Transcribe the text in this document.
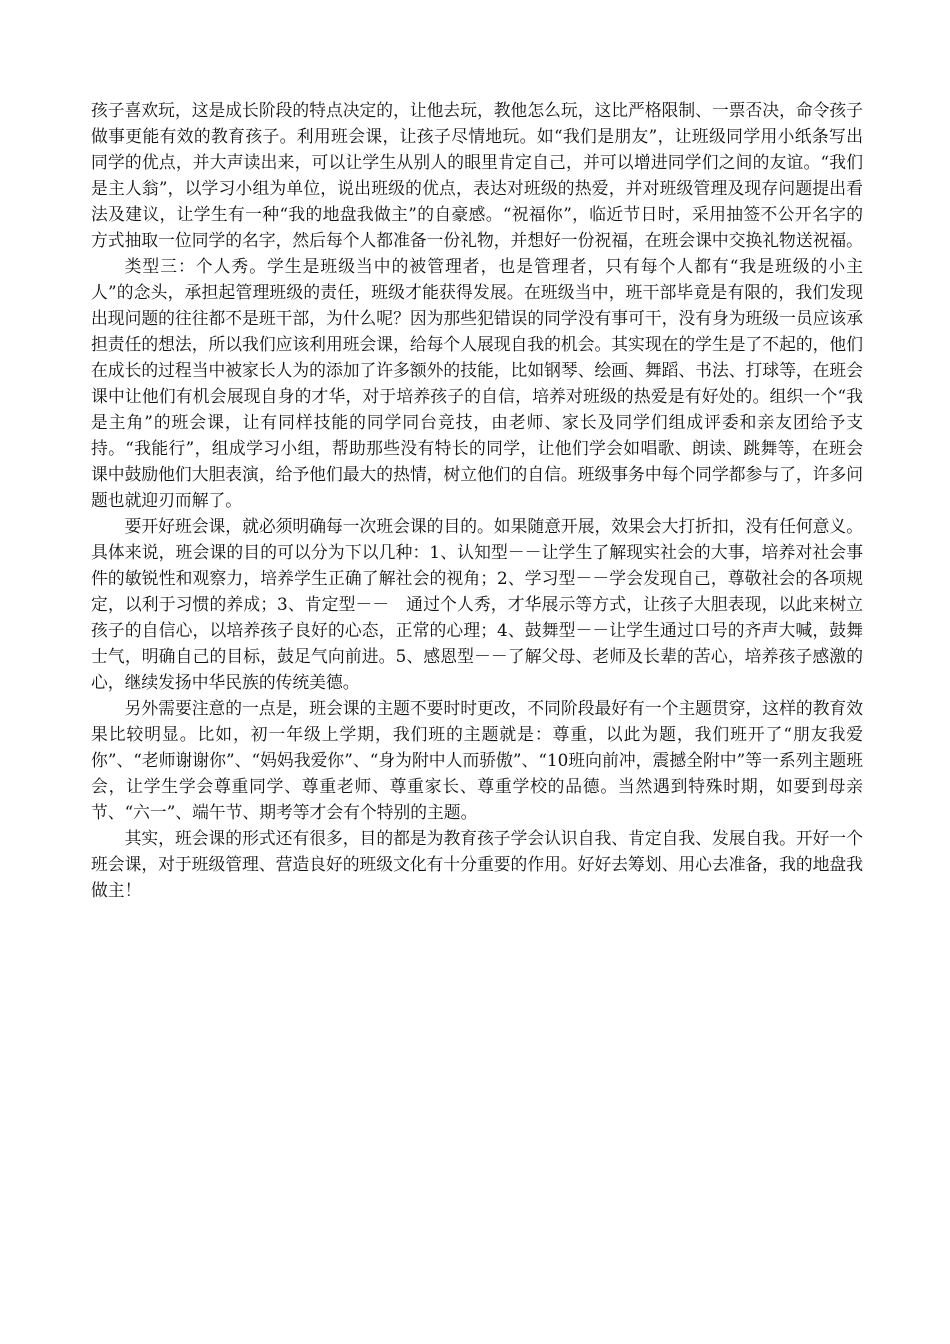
孩子喜欢玩，这是成长阶段的特点决定的，让他去玩，教他怎么玩，这比严格限制、一票否决，命令孩子做事更能有效的教育孩子。利用班会课，让孩子尽情地玩。如“我们是朋友”，让班级同学用小纸条写出同学的优点，并大声读出来，可以让学生从别人的眼里肯定自己，并可以增进同学们之间的友谊。“我们是主人翁”，以学习小组为单位，说出班级的优点，表达对班级的热爱，并对班级管理及现存问题提出看法及建议，让学生有一种“我的地盘我做主”的自豪感。“祝福你”，临近节日时，采用抽签不公开名字的方式抽取一位同学的名字，然后每个人都准备一份礼物，并想好一份祝福，在班会课中交换礼物送祝福。

类型三：个人秀。学生是班级当中的被管理者，也是管理者，只有每个人都有“我是班级的小主人”的念头，承担起管理班级的责任，班级才能获得发展。在班级当中，班干部毕竟是有限的，我们发现出现问题的往往都不是班干部，为什么呢？因为那些犯错误的同学没有事可干，没有身为班级一员应该承担责任的想法，所以我们应该利用班会课，给每个人展现自我的机会。其实现在的学生是了不起的，他们在成长的过程当中被家长人为的添加了许多额外的技能，比如钢琴、绘画、舞蹈、书法、打球等，在班会课中让他们有机会展现自身的才华，对于培养孩子的自信，培养对班级的热爱是有好处的。组织一个“我是主角”的班会课，让有同样技能的同学同台竞技，由老师、家长及同学们组成评委和亲友团给予支持。“我能行”，组成学习小组，帮助那些没有特长的同学，让他们学会如唱歌、朗读、跳舞等，在班会课中鼓励他们大胆表演，给予他们最大的热情，树立他们的自信。班级事务中每个同学都参与了，许多问题也就迎刃而解了。

要开好班会课，就必须明确每一次班会课的目的。如果随意开展，效果会大打折扣，没有任何意义。具体来说，班会课的目的可以分为下以几种：1、认知型－－让学生了解现实社会的大事，培养对社会事件的敏锐性和观察力，培养学生正确了解社会的视角；2、学习型－－学会发现自己，尊敬社会的各项规定，以利于习惯的养成；3、肯定型－－　通过个人秀，才华展示等方式，让孩子大胆表现，以此来树立孩子的自信心，以培养孩子良好的心态，正常的心理；4、鼓舞型－－让学生通过口号的齐声大喊，鼓舞士气，明确自己的目标，鼓足气向前进。5、感恩型－－了解父母、老师及长辈的苦心，培养孩子感激的心，继续发扬中华民族的传统美德。

另外需要注意的一点是，班会课的主题不要时时更改，不同阶段最好有一个主题贯穿，这样的教育效果比较明显。比如，初一年级上学期，我们班的主题就是：尊重，以此为题，我们班开了“朋友我爱你”、“老师谢谢你”、“妈妈我爱你”、“身为附中人而骄傲”、“10班向前冲，震撼全附中”等一系列主题班会，让学生学会尊重同学、尊重老师、尊重家长、尊重学校的品德。当然遇到特殊时期，如要到母亲节、“六一”、端午节、期考等才会有个特别的主题。

其实，班会课的形式还有很多，目的都是为教育孩子学会认识自我、肯定自我、发展自我。开好一个班会课，对于班级管理、营造良好的班级文化有十分重要的作用。好好去筹划、用心去准备，我的地盘我做主！
